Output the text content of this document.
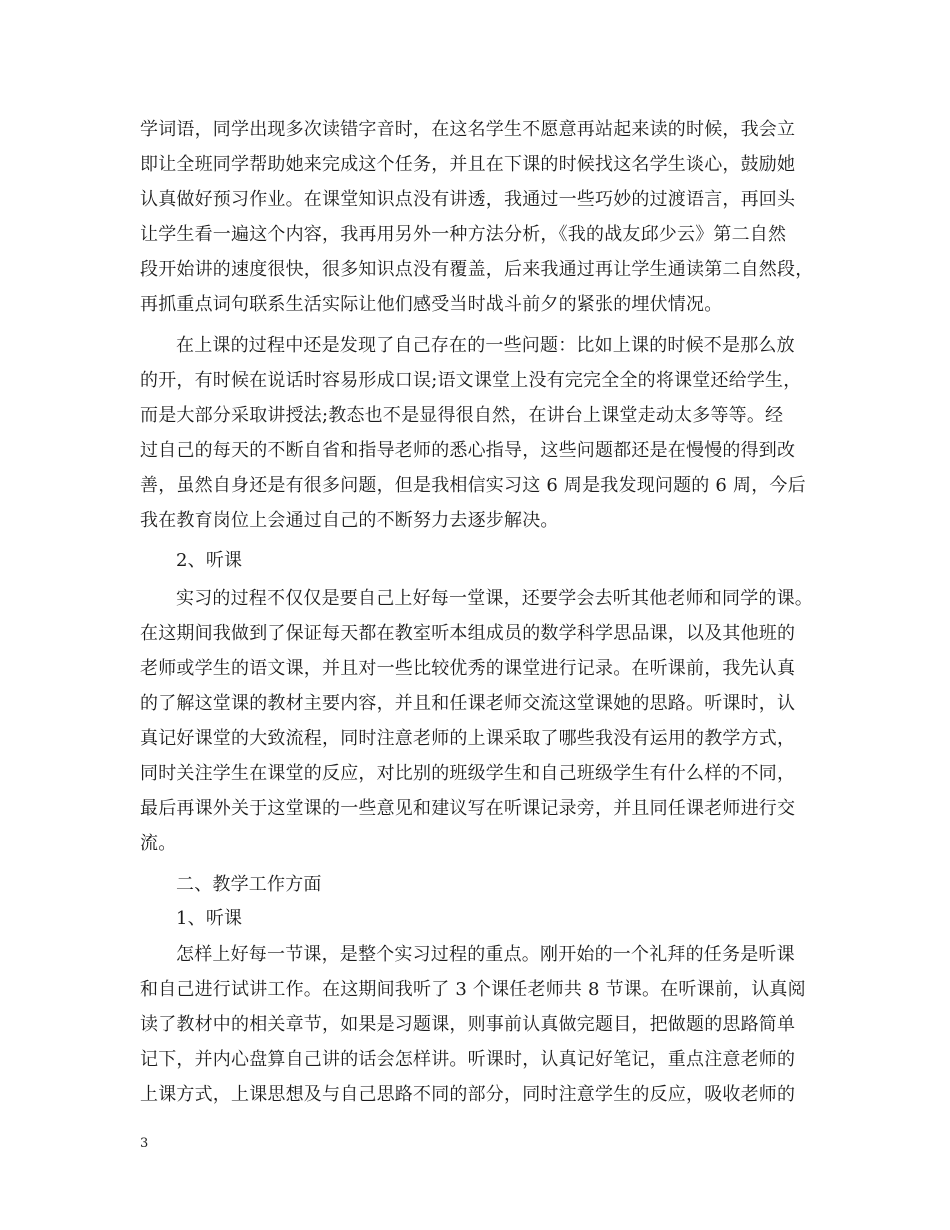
学词语，同学出现多次读错字音时，在这名学生不愿意再站起来读的时候，我会立
即让全班同学帮助她来完成这个任务，并且在下课的时候找这名学生谈心，鼓励她
认真做好预习作业。在课堂知识点没有讲透，我通过一些巧妙的过渡语言，再回头
让学生看一遍这个内容，我再用另外一种方法分析，《我的战友邱少云》第二自然
段开始讲的速度很快，很多知识点没有覆盖，后来我通过再让学生通读第二自然段，
再抓重点词句联系生活实际让他们感受当时战斗前夕的紧张的埋伏情况。
在上课的过程中还是发现了自己存在的一些问题：比如上课的时候不是那么放
的开，有时候在说话时容易形成口误;语文课堂上没有完完全全的将课堂还给学生，
而是大部分采取讲授法;教态也不是显得很自然，在讲台上课堂走动太多等等。经
过自己的每天的不断自省和指导老师的悉心指导，这些问题都还是在慢慢的得到改
善，虽然自身还是有很多问题，但是我相信实习这 6 周是我发现问题的 6 周，今后
我在教育岗位上会通过自己的不断努力去逐步解决。
2、听课
实习的过程不仅仅是要自己上好每一堂课，还要学会去听其他老师和同学的课。
在这期间我做到了保证每天都在教室听本组成员的数学科学思品课，以及其他班的
老师或学生的语文课，并且对一些比较优秀的课堂进行记录。在听课前，我先认真
的了解这堂课的教材主要内容，并且和任课老师交流这堂课她的思路。听课时，认
真记好课堂的大致流程，同时注意老师的上课采取了哪些我没有运用的教学方式，
同时关注学生在课堂的反应，对比别的班级学生和自己班级学生有什么样的不同，
最后再课外关于这堂课的一些意见和建议写在听课记录旁，并且同任课老师进行交
流。
二、教学工作方面
1、听课
怎样上好每一节课，是整个实习过程的重点。刚开始的一个礼拜的任务是听课
和自己进行试讲工作。在这期间我听了 3 个课任老师共 8 节课。在听课前，认真阅
读了教材中的相关章节，如果是习题课，则事前认真做完题目，把做题的思路简单
记下，并内心盘算自己讲的话会怎样讲。听课时，认真记好笔记，重点注意老师的
上课方式，上课思想及与自己思路不同的部分，同时注意学生的反应，吸收老师的
3
